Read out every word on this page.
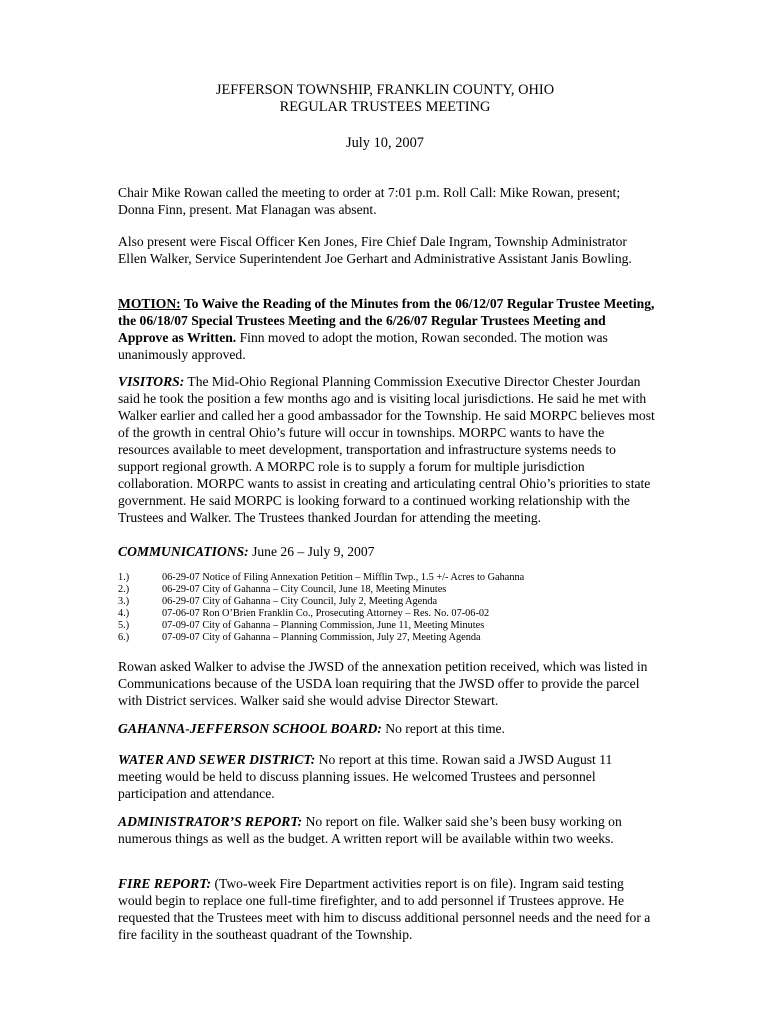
JEFFERSON TOWNSHIP, FRANKLIN COUNTY, OHIO
REGULAR TRUSTEES MEETING
July 10, 2007

Chair Mike Rowan called the meeting to order at 7:01 p.m. Roll Call: Mike Rowan, present; Donna Finn, present. Mat Flanagan was absent.

Also present were Fiscal Officer Ken Jones, Fire Chief Dale Ingram, Township Administrator Ellen Walker, Service Superintendent Joe Gerhart and Administrative Assistant Janis Bowling.

MOTION: To Waive the Reading of the Minutes from the 06/12/07 Regular Trustee Meeting, the 06/18/07 Special Trustees Meeting and the 6/26/07 Regular Trustees Meeting and Approve as Written. Finn moved to adopt the motion, Rowan seconded. The motion was unanimously approved.

VISITORS: The Mid-Ohio Regional Planning Commission Executive Director Chester Jourdan said he took the position a few months ago and is visiting local jurisdictions. He said he met with Walker earlier and called her a good ambassador for the Township. He said MORPC believes most of the growth in central Ohio’s future will occur in townships. MORPC wants to have the resources available to meet development, transportation and infrastructure systems needs to support regional growth. A MORPC role is to supply a forum for multiple jurisdiction collaboration. MORPC wants to assist in creating and articulating central Ohio’s priorities to state government. He said MORPC is looking forward to a continued working relationship with the Trustees and Walker. The Trustees thanked Jourdan for attending the meeting.

COMMUNICATIONS: June 26 – July 9, 2007

1.)	06-29-07 Notice of Filing Annexation Petition – Mifflin Twp., 1.5 +/- Acres to Gahanna
2.)	06-29-07 City of Gahanna – City Council, June 18, Meeting Minutes
3.)	06-29-07 City of Gahanna – City Council, July 2, Meeting Agenda
4.)	07-06-07 Ron O’Brien Franklin Co., Prosecuting Attorney – Res. No. 07-06-02
5.)	07-09-07 City of Gahanna – Planning Commission, June 11, Meeting Minutes
6.)	07-09-07 City of Gahanna – Planning Commission, July 27, Meeting Agenda

Rowan asked Walker to advise the JWSD of the annexation petition received, which was listed in Communications because of the USDA loan requiring that the JWSD offer to provide the parcel with District services. Walker said she would advise Director Stewart.

GAHANNA-JEFFERSON SCHOOL BOARD: No report at this time.

WATER AND SEWER DISTRICT: No report at this time. Rowan said a JWSD August 11 meeting would be held to discuss planning issues. He welcomed Trustees and personnel participation and attendance.

ADMINISTRATOR’S REPORT: No report on file. Walker said she’s been busy working on numerous things as well as the budget. A written report will be available within two weeks.

FIRE REPORT: (Two-week Fire Department activities report is on file). Ingram said testing would begin to replace one full-time firefighter, and to add personnel if Trustees approve. He requested that the Trustees meet with him to discuss additional personnel needs and the need for a fire facility in the southeast quadrant of the Township.
